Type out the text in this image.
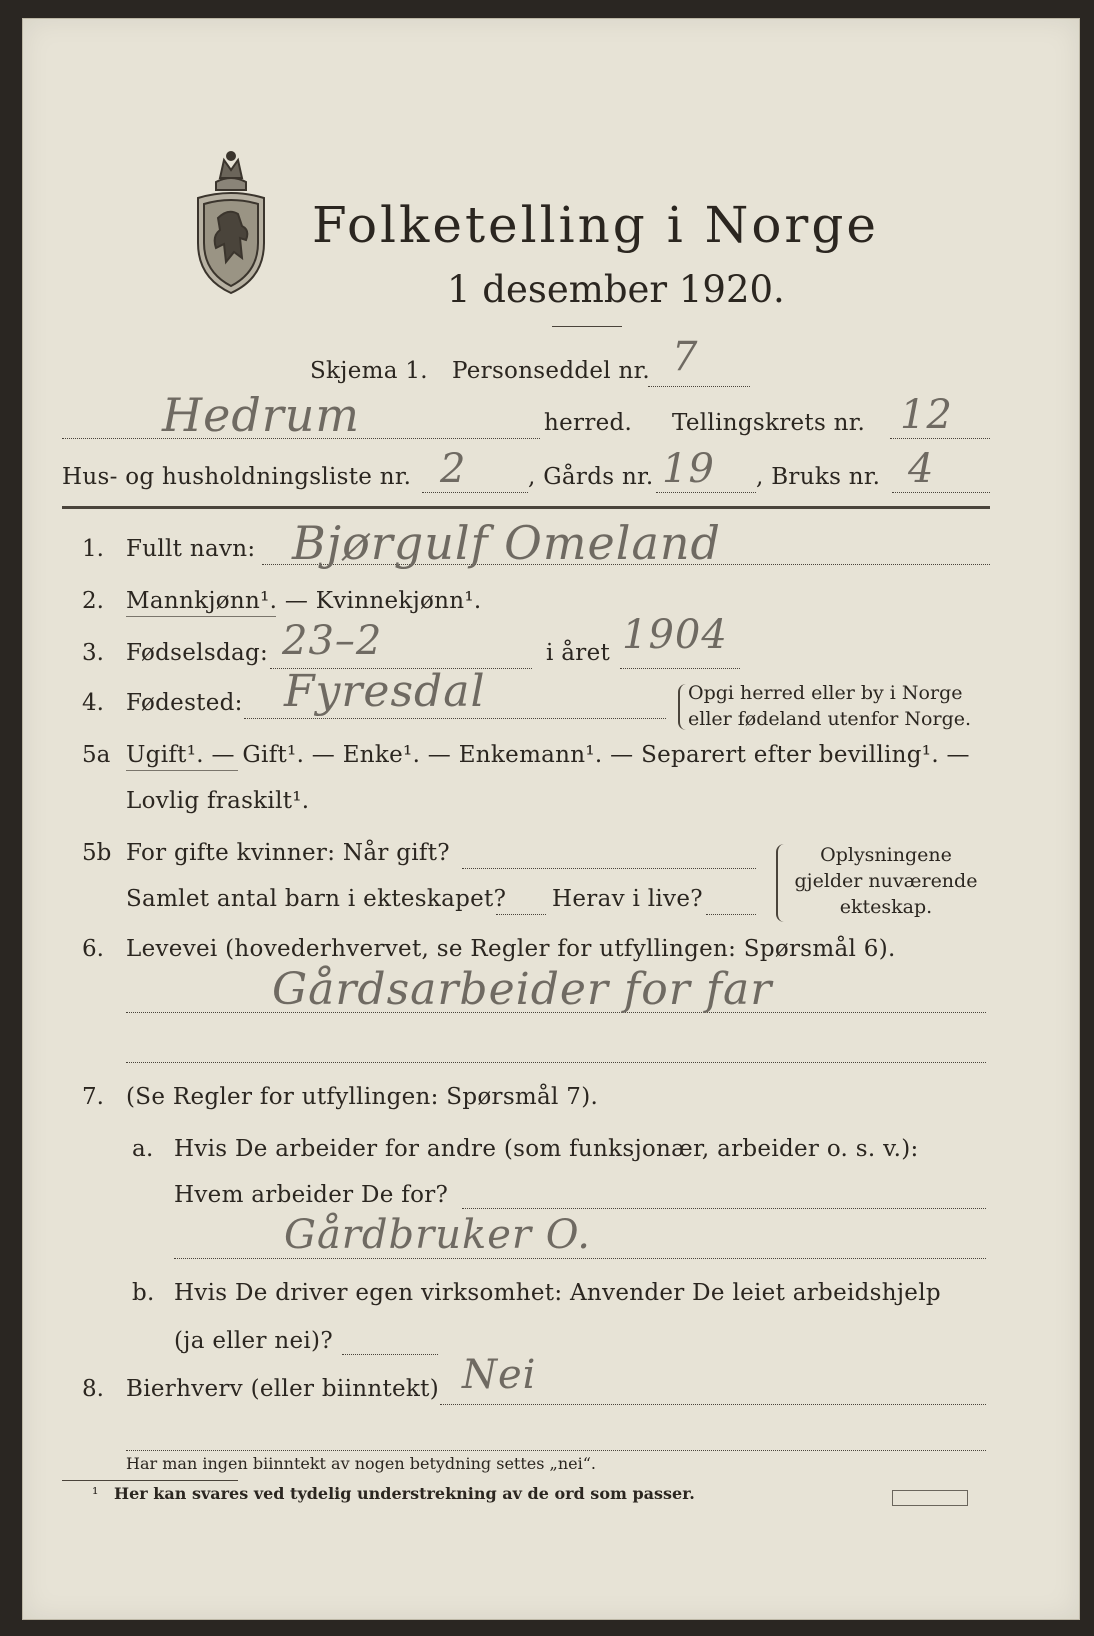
Folketelling i Norge
1 desember 1920.
Skjema 1. Personseddel nr. 7
Hedrum	herred. Tellingskrets nr. 12
Hus- og husholdningsliste nr. 2	, Gårds nr. 19 , Bruks nr. 4
1. Fullt navn: Bjørgulf Omeland
2. Mannkjønn¹. — Kvinnekjønn¹.
3. Fødselsdag: 23–2	i året 1904
4. Fødested: Fyresdal	Opgi herred eller by i Norge
eller fødeland utenfor Norge.
5a Ugift¹. — Gift¹. — Enke¹. — Enkemann¹. — Separert efter bevilling¹. —
Lovlig fraskilt¹.
5b For gifte kvinner: Når gift?
Samlet antal barn i ekteskapet? Herav i live?
Oplysningene
gjelder nuværende
ekteskap.
6. Levevei (hovederhvervet, se Regler for utfyllingen: Spørsmål 6).
Gårdsarbeider for far
7. (Se Regler for utfyllingen: Spørsmål 7).
a. Hvis De arbeider for andre (som funksjonær, arbeider o. s. v.):
Hvem arbeider De for?
Gårdbruker O.
b. Hvis De driver egen virksomhet: Anvender De leiet arbeidshjelp
(ja eller nei)?
8. Bierhverv (eller biinntekt) Nei
Har man ingen biinntekt av nogen betydning settes „nei“.
¹ Her kan svares ved tydelig understrekning av de ord som passer.
